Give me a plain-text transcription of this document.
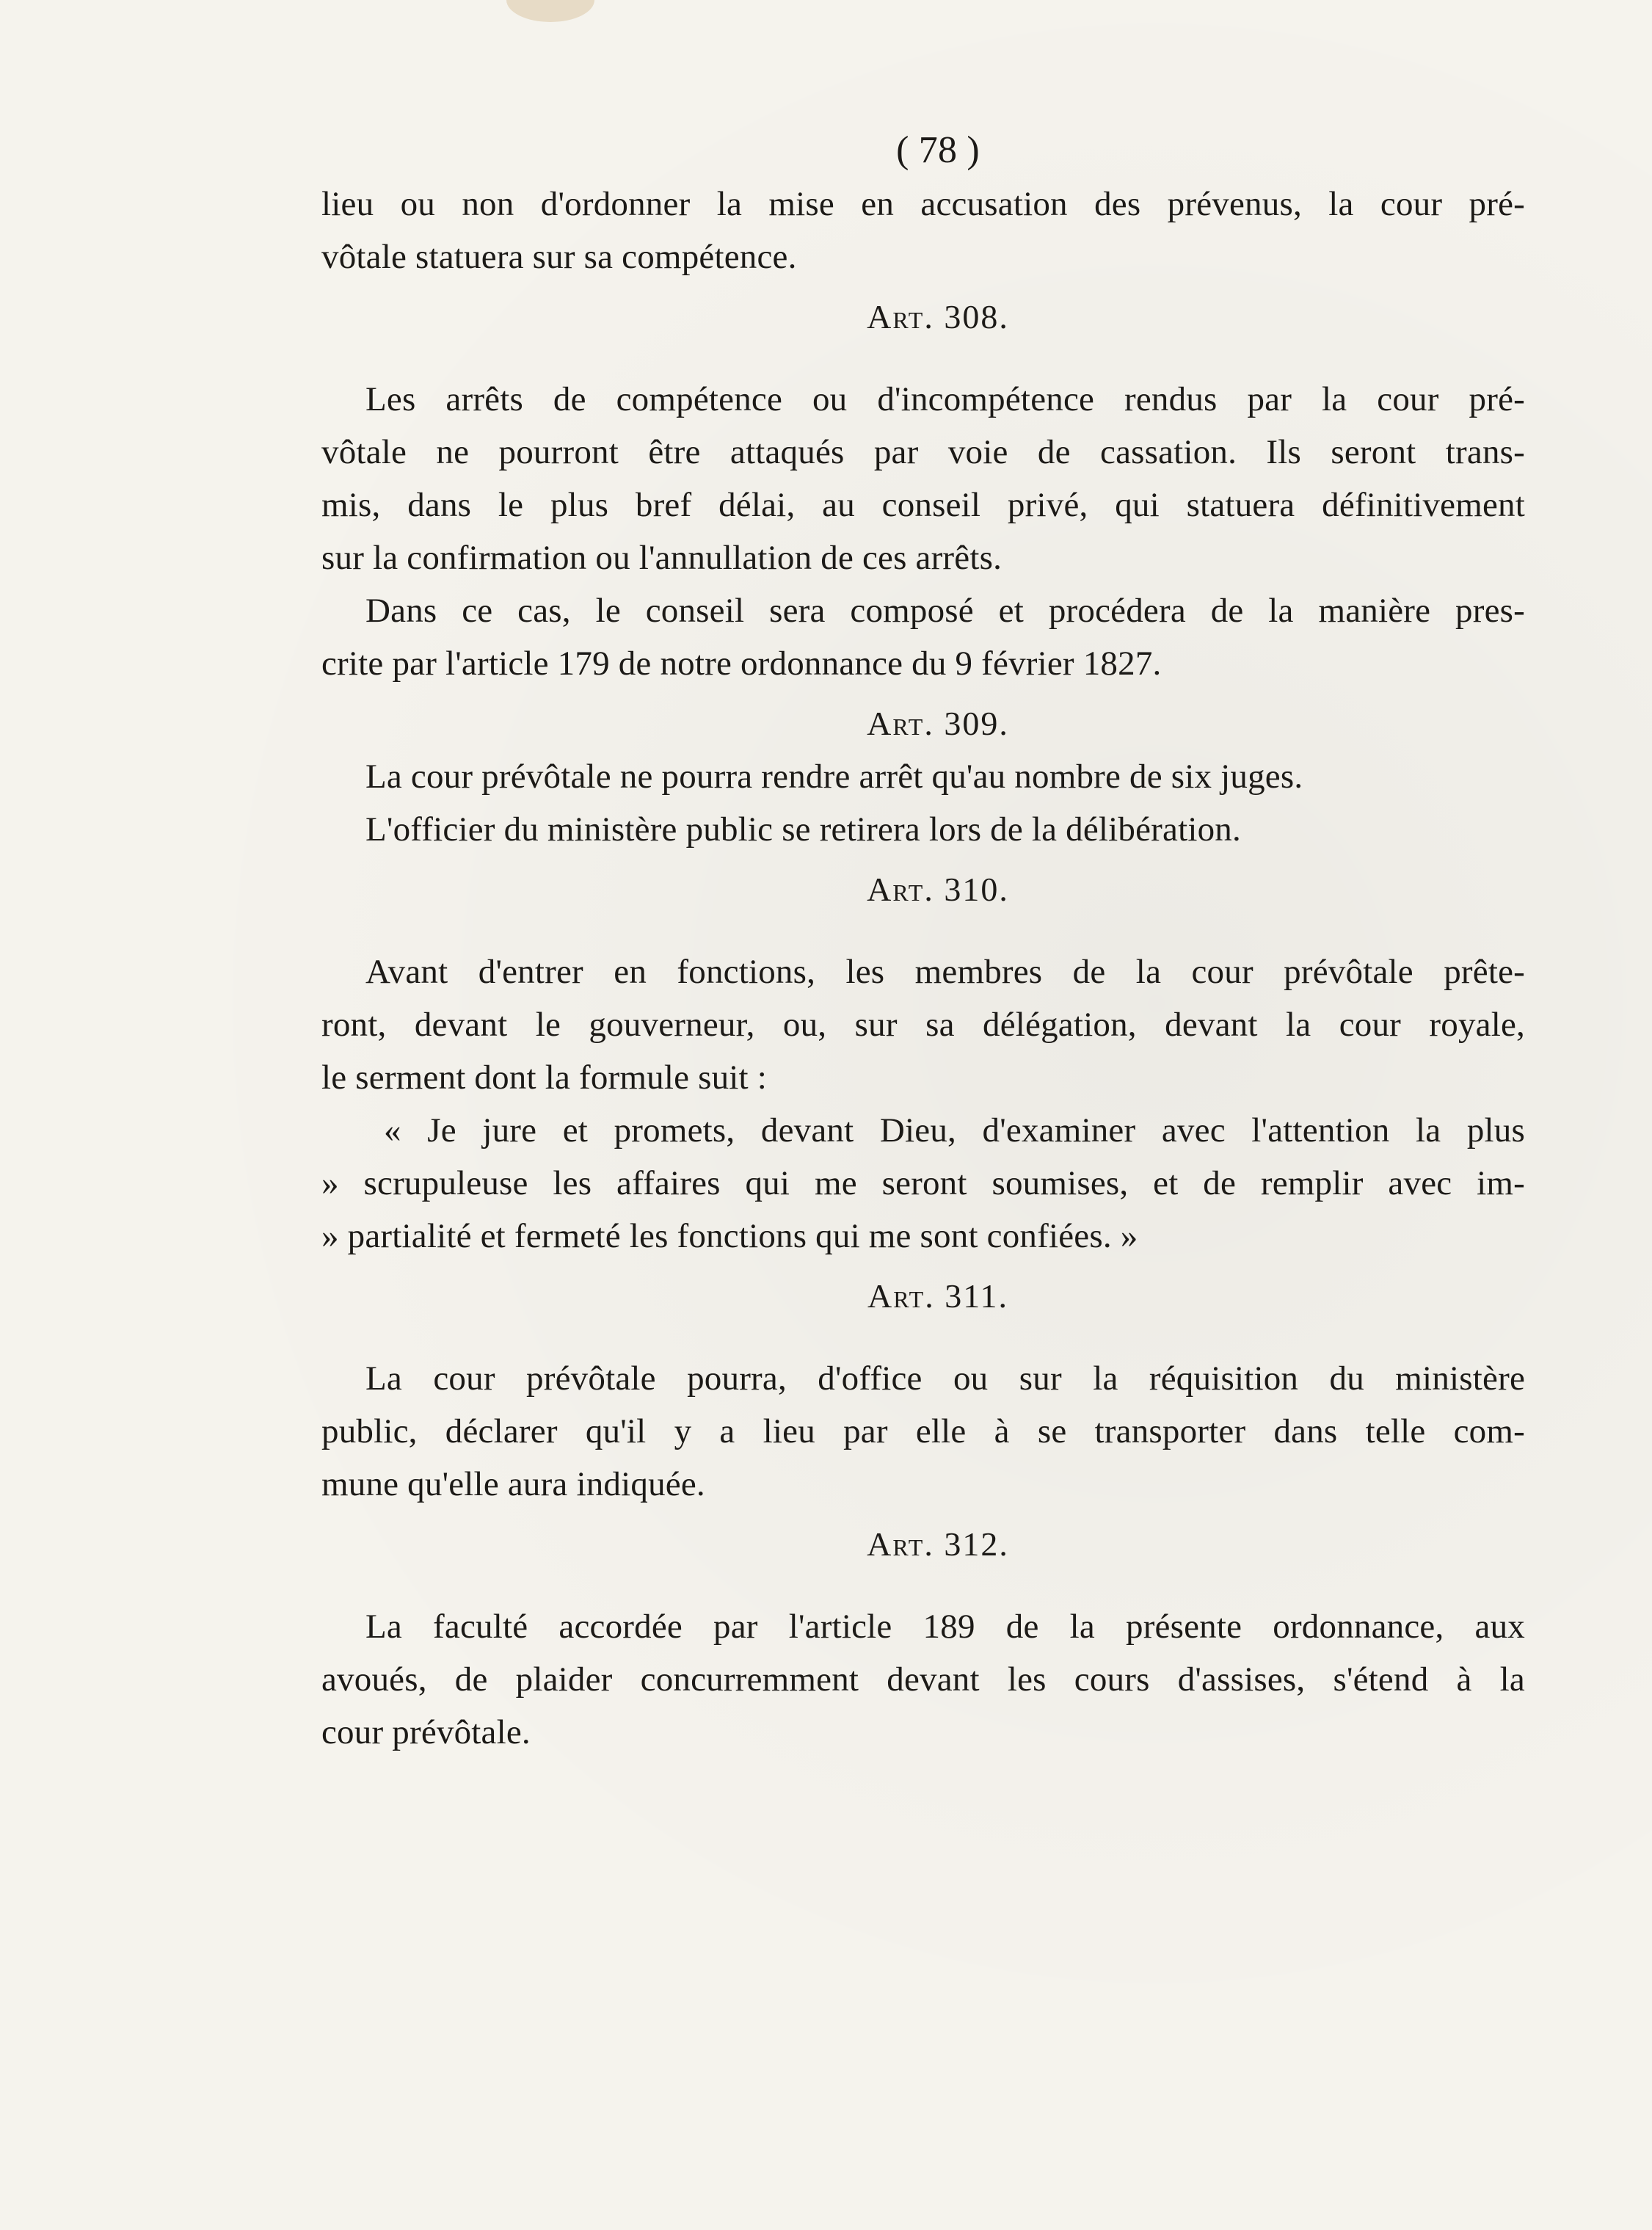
( 78 )
lieu ou non d'ordonner la mise en accusation des prévenus, la cour pré-
vôtale statuera sur sa compétence.
Art. 308.
Les arrêts de compétence ou d'incompétence rendus par la cour pré-
vôtale ne pourront être attaqués par voie de cassation. Ils seront trans-
mis, dans le plus bref délai, au conseil privé, qui statuera définitivement
sur la confirmation ou l'annullation de ces arrêts.
Dans ce cas, le conseil sera composé et procédera de la manière pres-
crite par l'article 179 de notre ordonnance du 9 février 1827.
Art. 309.
La cour prévôtale ne pourra rendre arrêt qu'au nombre de six juges.
L'officier du ministère public se retirera lors de la délibération.
Art. 310.
Avant d'entrer en fonctions, les membres de la cour prévôtale prête-
ront, devant le gouverneur, ou, sur sa délégation, devant la cour royale,
le serment dont la formule suit :
« Je jure et promets, devant Dieu, d'examiner avec l'attention la plus
» scrupuleuse les affaires qui me seront soumises, et de remplir avec im-
» partialité et fermeté les fonctions qui me sont confiées. »
Art. 311.
La cour prévôtale pourra, d'office ou sur la réquisition du ministère
public, déclarer qu'il y a lieu par elle à se transporter dans telle com-
mune qu'elle aura indiquée.
Art. 312.
La faculté accordée par l'article 189 de la présente ordonnance, aux
avoués, de plaider concurremment devant les cours d'assises, s'étend à la
cour prévôtale.
